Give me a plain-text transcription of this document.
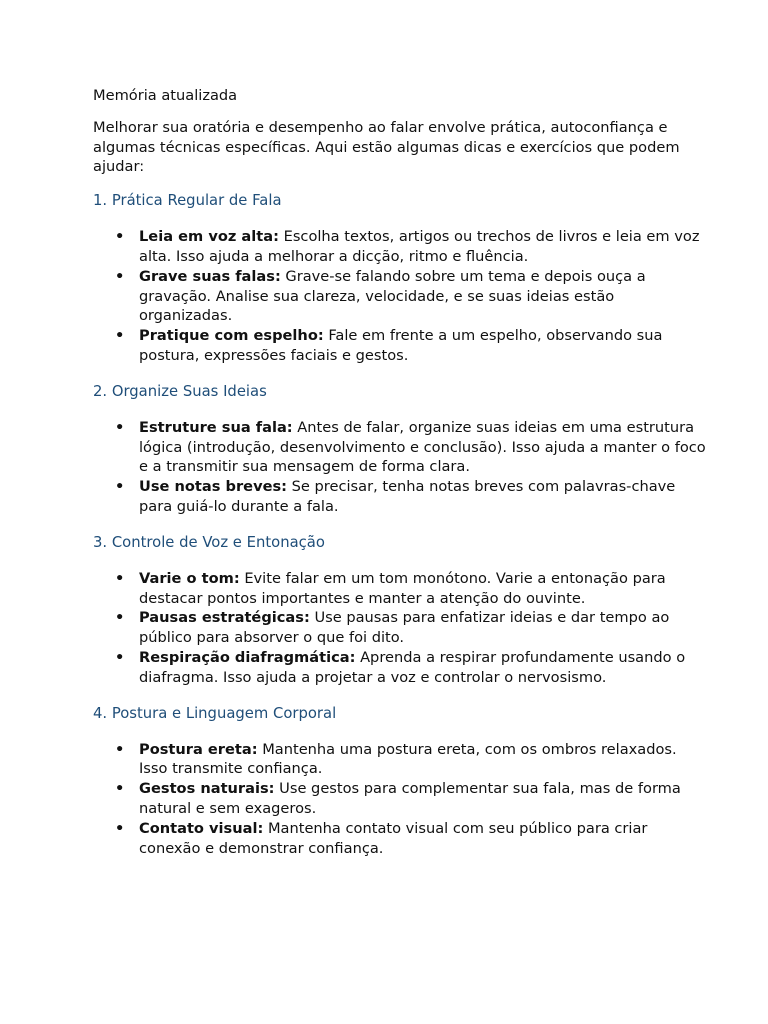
Memória atualizada

Melhorar sua oratória e desempenho ao falar envolve prática, autoconfiança e algumas técnicas específicas. Aqui estão algumas dicas e exercícios que podem ajudar:

1. Prática Regular de Fala
• Leia em voz alta: Escolha textos, artigos ou trechos de livros e leia em voz alta. Isso ajuda a melhorar a dicção, ritmo e fluência.
• Grave suas falas: Grave-se falando sobre um tema e depois ouça a gravação. Analise sua clareza, velocidade, e se suas ideias estão organizadas.
• Pratique com espelho: Fale em frente a um espelho, observando sua postura, expressões faciais e gestos.
2. Organize Suas Ideias
• Estruture sua fala: Antes de falar, organize suas ideias em uma estrutura lógica (introdução, desenvolvimento e conclusão). Isso ajuda a manter o foco e a transmitir sua mensagem de forma clara.
• Use notas breves: Se precisar, tenha notas breves com palavras-chave para guiá-lo durante a fala.
3. Controle de Voz e Entonação
• Varie o tom: Evite falar em um tom monótono. Varie a entonação para destacar pontos importantes e manter a atenção do ouvinte.
• Pausas estratégicas: Use pausas para enfatizar ideias e dar tempo ao público para absorver o que foi dito.
• Respiração diafragmática: Aprenda a respirar profundamente usando o diafragma. Isso ajuda a projetar a voz e controlar o nervosismo.
4. Postura e Linguagem Corporal
• Postura ereta: Mantenha uma postura ereta, com os ombros relaxados. Isso transmite confiança.
• Gestos naturais: Use gestos para complementar sua fala, mas de forma natural e sem exageros.
• Contato visual: Mantenha contato visual com seu público para criar conexão e demonstrar confiança.
